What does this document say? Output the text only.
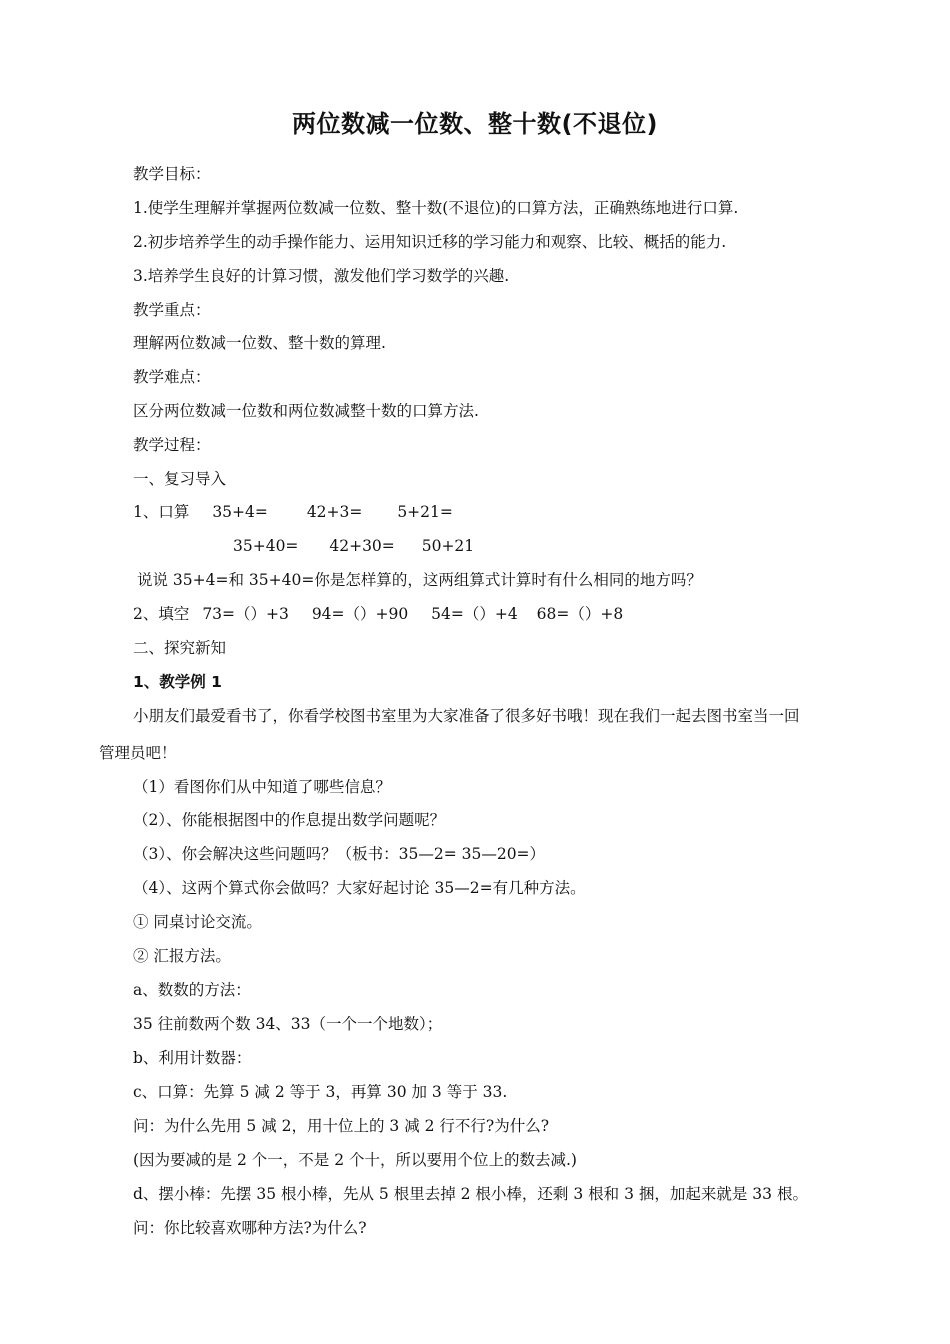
两位数减一位数、整十数(不退位)
教学目标：
1.使学生理解并掌握两位数减一位数、整十数(不退位)的口算方法，正确熟练地进行口算.
2.初步培养学生的动手操作能力、运用知识迁移的学习能力和观察、比较、概括的能力.
3.培养学生良好的计算习惯，激发他们学习数学的兴趣.
教学重点：
理解两位数减一位数、整十数的算理.
教学难点：
区分两位数减一位数和两位数减整十数的口算方法.
教学过程：
一、复习导入
1、口算 35+4=	42+3= 5+21=
35+40= 42+30= 50+21
说说 35+4=和 35+40=你是怎样算的，这两组算式计算时有什么相同的地方吗？
2、填空 73=（）+3 94=（）+90 54=（）+4 68=（）+8
二、探究新知
1、教学例 1
小朋友们最爱看书了，你看学校图书室里为大家准备了很多好书哦！现在我们一起去图书室当一回
管理员吧！
（1）看图你们从中知道了哪些信息？
（2）、你能根据图中的作息提出数学问题呢？
（3）、你会解决这些问题吗？（板书：35—2= 35—20=）
（4）、这两个算式你会做吗？大家好起讨论 35—2=有几种方法。
① 同桌讨论交流。
② 汇报方法。
a、数数的方法：
35 往前数两个数 34、33（一个一个地数）；
b、利用计数器：
c、口算：先算 5 减 2 等于 3，再算 30 加 3 等于 33.
问：为什么先用 5 减 2，用十位上的 3 减 2 行不行?为什么?
(因为要减的是 2 个一，不是 2 个十，所以要用个位上的数去减.)
d、摆小棒：先摆 35 根小棒，先从 5 根里去掉 2 根小棒，还剩 3 根和 3 捆，加起来就是 33 根。
问：你比较喜欢哪种方法?为什么?
